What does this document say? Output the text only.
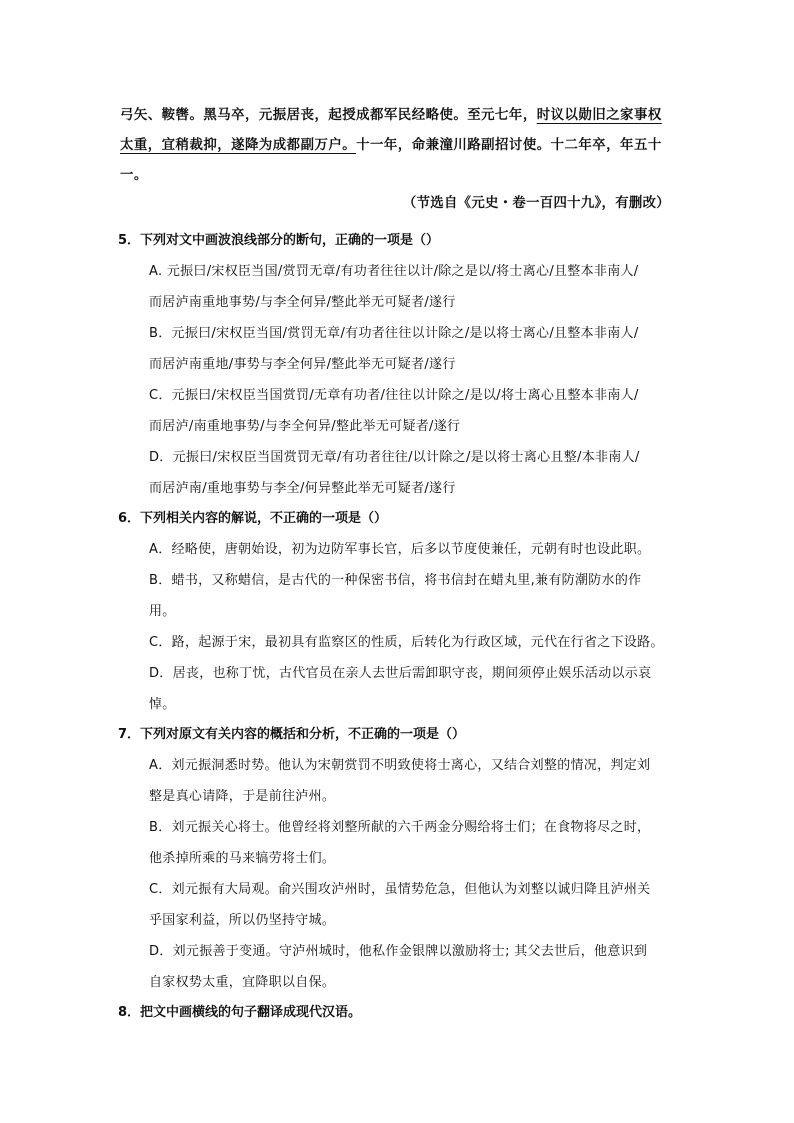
弓矢、鞍辔。黑马卒，元振居丧，起授成都军民经略使。至元七年，时议以勋旧之家事权
太重，宜稍裁抑，遂降为成都副万户。十一年，命兼潼川路副招讨使。十二年卒，年五十
一。
（节选自《元史・卷一百四十九》，有删改）
5．下列对文中画波浪线部分的断句，正确的一项是（）
A. 元振曰/宋权臣当国/赏罚无章/有功者往往以计/除之是以/将士离心/且整本非南人/
而居泸南重地事势/与李全何异/整此举无可疑者/遂行
B．元振曰/宋权臣当国/赏罚无章/有功者往往以计除之/是以将士离心/且整本非南人/
而居泸南重地/事势与李全何异/整此举无可疑者/遂行
C．元振曰/宋权臣当国赏罚/无章有功者/往往以计除之/是以/将士离心且整本非南人/
而居泸/南重地事势/与李全何异/整此举无可疑者/遂行
D．元振曰/宋权臣当国赏罚无章/有功者往往/以计除之/是以将士离心且整/本非南人/
而居泸南/重地事势与李全/何异整此举无可疑者/遂行
6．下列相关内容的解说，不正确的一项是（）
A．经略使，唐朝始设，初为边防军事长官，后多以节度使兼任，元朝有时也设此职。
B．蜡书，又称蜡信，是古代的一种保密书信，将书信封在蜡丸里,兼有防潮防水的作
用。
C．路，起源于宋，最初具有监察区的性质，后转化为行政区域，元代在行省之下设路。
D．居丧，也称丁忧，古代官员在亲人去世后需卸职守丧，期间须停止娱乐活动以示哀
悼。
7．下列对原文有关内容的概括和分析，不正确的一项是（）
A．刘元振洞悉时势。他认为宋朝赏罚不明致使将士离心，又结合刘整的情况，判定刘
整是真心请降，于是前往泸州。
B．刘元振关心将士。他曾经将刘整所献的六千两金分赐给将士们；在食物将尽之时，
他杀掉所乘的马来犒劳将士们。
C．刘元振有大局观。俞兴围攻泸州时，虽情势危急，但他认为刘整以诚归降且泸州关
乎国家利益，所以仍坚持守城。
D．刘元振善于变通。守泸州城时，他私作金银牌以激励将士; 其父去世后，他意识到
自家权势太重，宜降职以自保。
8．把文中画横线的句子翻译成现代汉语。
